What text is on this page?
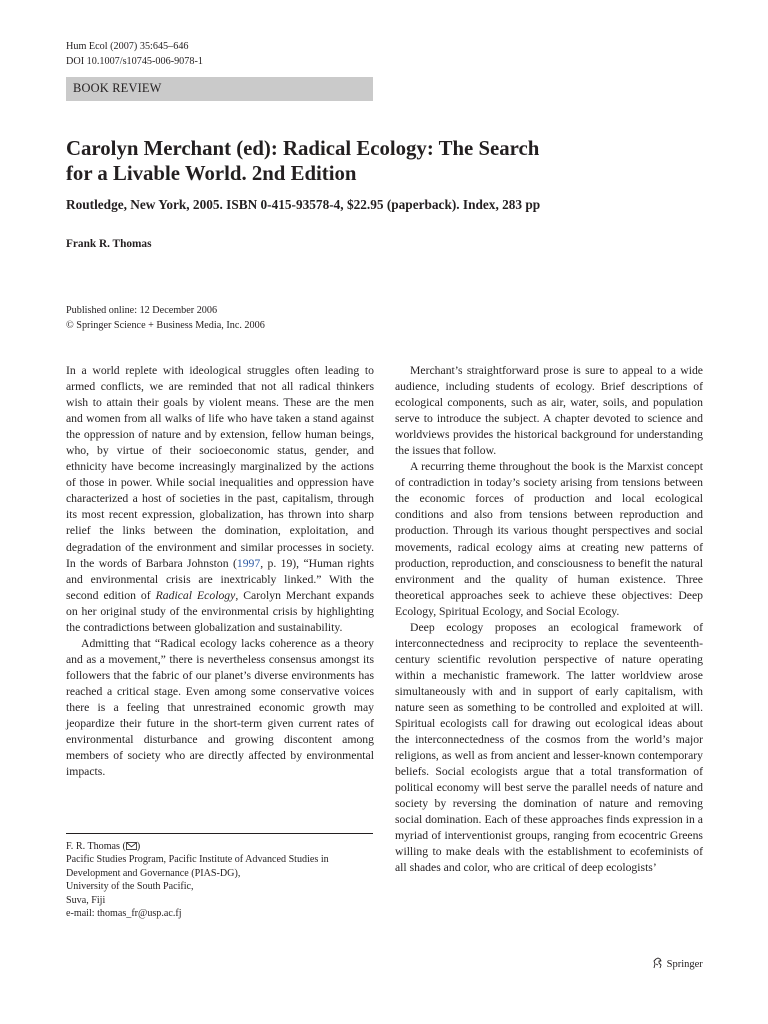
Hum Ecol (2007) 35:645–646
DOI 10.1007/s10745-006-9078-1
BOOK REVIEW
Carolyn Merchant (ed): Radical Ecology: The Search
for a Livable World. 2nd Edition
Routledge, New York, 2005. ISBN 0-415-93578-4, $22.95 (paperback). Index, 283 pp
Frank R. Thomas
Published online: 12 December 2006
© Springer Science + Business Media, Inc. 2006

In a world replete with ideological struggles often leading to armed conflicts, we are reminded that not all radical thinkers wish to attain their goals by violent means. These are the men and women from all walks of life who have taken a stand against the oppression of nature and by extension, fellow human beings, who, by virtue of their socioeconomic status, gender, and ethnicity have become increasingly marginalized by the actions of those in power. While social inequalities and oppression have characterized a host of societies in the past, capitalism, through its most recent expression, globalization, has thrown into sharp relief the links between the domination, exploitation, and degradation of the environment and similar processes in society. In the words of Barbara Johnston (1997, p. 19), “Human rights and environmental crisis are inextricably linked.” With the second edition of Radical Ecology, Carolyn Merchant expands on her original study of the environmental crisis by highlighting the contradictions between globalization and sustainability.

Admitting that “Radical ecology lacks coherence as a theory and as a movement,” there is nevertheless consensus amongst its followers that the fabric of our planet’s diverse environments has reached a critical stage. Even among some conservative voices there is a feeling that unrestrained economic growth may jeopardize their future in the short-term given current rates of environmental disturbance and growing discontent among members of society who are directly affected by environmental impacts.

Merchant’s straightforward prose is sure to appeal to a wide audience, including students of ecology. Brief descriptions of ecological components, such as air, water, soils, and population serve to introduce the subject. A chapter devoted to science and worldviews provides the historical background for understanding the issues that follow.

A recurring theme throughout the book is the Marxist concept of contradiction in today’s society arising from tensions between the economic forces of production and local ecological conditions and also from tensions between reproduction and production. Through its various thought perspectives and social movements, radical ecology aims at creating new patterns of production, reproduction, and consciousness to benefit the natural environment and the quality of human existence. Three theoretical approaches seek to achieve these objectives: Deep Ecology, Spiritual Ecology, and Social Ecology.

Deep ecology proposes an ecological framework of interconnectedness and reciprocity to replace the seventeenth-century scientific revolution perspective of nature operating within a mechanistic framework. The latter worldview arose simultaneously with and in support of early capitalism, with nature seen as something to be controlled and exploited at will. Spiritual ecologists call for drawing out ecological ideas about the interconnectedness of the cosmos from the world’s major religions, as well as from ancient and lesser-known contemporary beliefs. Social ecologists argue that a total transformation of political economy will best serve the parallel needs of nature and society by reversing the domination of nature and removing social domination. Each of these approaches finds expression in a myriad of interventionist groups, ranging from ecocentric Greens willing to make deals with the establishment to ecofeminists of all shades and color, who are critical of deep ecologists’

F. R. Thomas ( )
Pacific Studies Program, Pacific Institute of Advanced Studies in
Development and Governance (PIAS-DG),
University of the South Pacific,
Suva, Fiji
e-mail: thomas_fr@usp.ac.fj
Springer
